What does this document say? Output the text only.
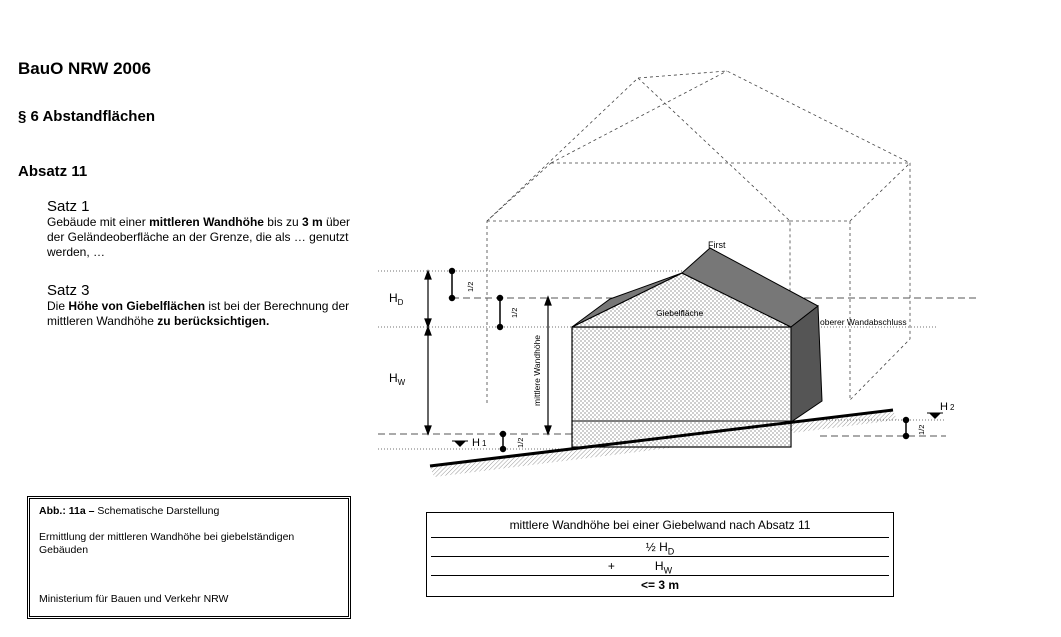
BauO NRW 2006
§ 6 Abstandflächen
Absatz 11

Satz 1

Gebäude mit einer mittleren Wandhöhe bis zu 3 m über der Geländeoberfläche an der Grenze, die als … genutzt werden, …

Satz 3

Die Höhe von Giebelflächen ist bei der Berechnung der mittleren Wandhöhe zu berücksichtigen.

Abb.: 11a – Schematische Darstellung

Ermittlung der mittleren Wandhöhe bei giebelständigen Gebäuden

Ministerium für Bauen und Verkehr NRW

mittlere Wandhöhe bei einer Giebelwand nach Absatz 11
½ $H_D$
+	$H_W$
<= 3 m
First
Giebelfläche
oberer Wandabschluss
mittlere Wandhöhe
$H_D$
$H_W$
H 1
H 2
1/2
1/2
1/2
1/2
